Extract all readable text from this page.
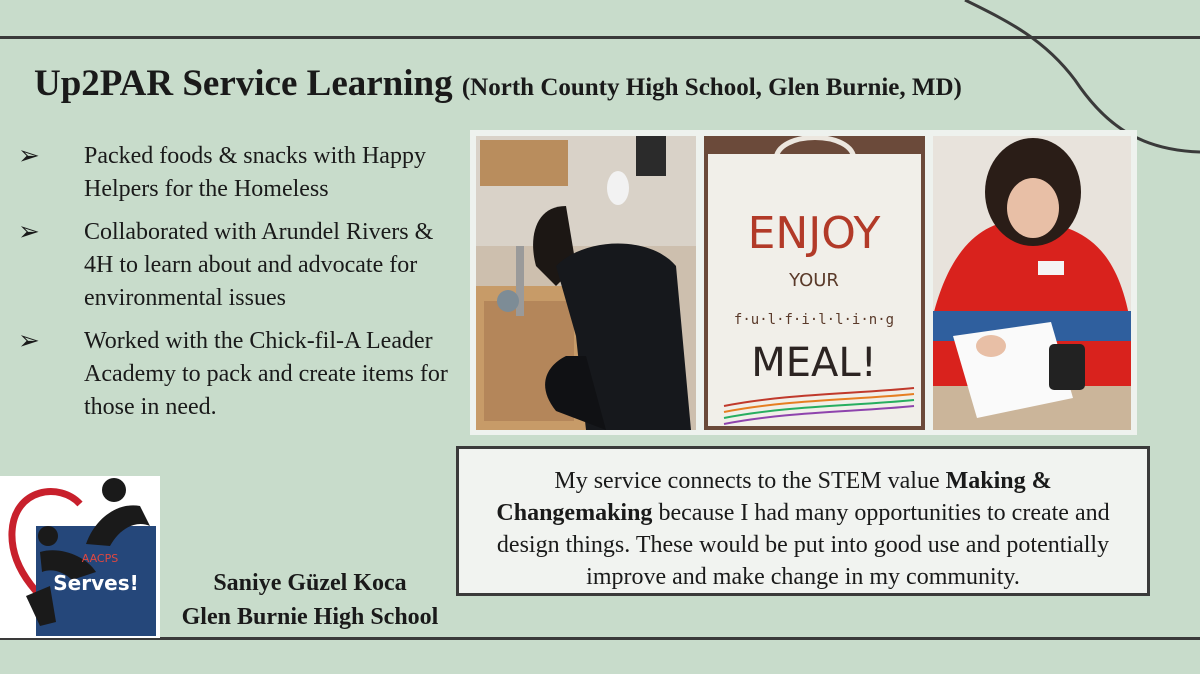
Up2PAR Service Learning (North County High School, Glen Burnie, MD)
➢ Packed foods & snacks with Happy Helpers for the Homeless
➢ Collaborated with Arundel Rivers & 4H to learn about and advocate for environmental issues
➢ Worked with the Chick-fil-A Leader Academy to pack and create items for those in need.
ENJOY
YOUR
f·u·l·f·i·l·l·i·n·g
MEAL!
My service connects to the STEM value Making & Changemaking because I had many opportunities to create and design things. These would be put into good use and potentially improve and make change in my community.
AACPS
Serves!	Saniye Güzel Koca
Glen Burnie High School
